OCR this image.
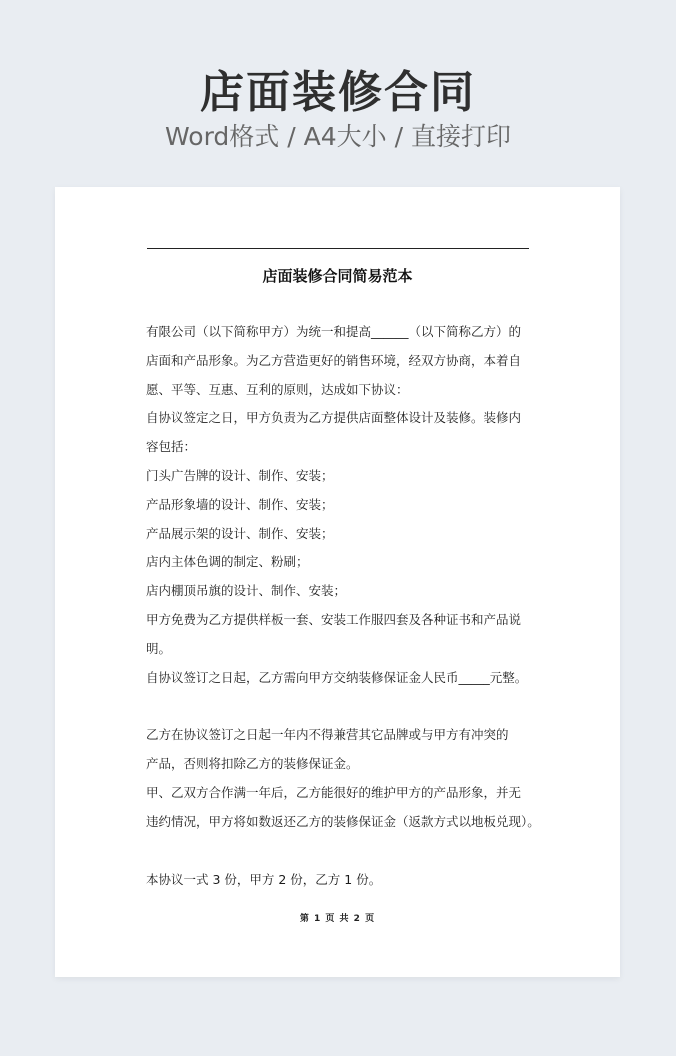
店面装修合同
Word格式 / A4大小 / 直接打印
店面装修合同简易范本
有限公司（以下简称甲方）为统一和提高______（以下简称乙方）的
店面和产品形象。为乙方营造更好的销售环境，经双方协商，本着自
愿、平等、互惠、互利的原则，达成如下协议：
自协议签定之日，甲方负责为乙方提供店面整体设计及装修。装修内
容包括：
门头广告牌的设计、制作、安装；
产品形象墙的设计、制作、安装；
产品展示架的设计、制作、安装；
店内主体色调的制定、粉刷；
店内棚顶吊旗的设计、制作、安装；
甲方免费为乙方提供样板一套、安装工作服四套及各种证书和产品说
明。
自协议签订之日起，乙方需向甲方交纳装修保证金人民币_____元整。
乙方在协议签订之日起一年内不得兼营其它品牌或与甲方有冲突的
产品，否则将扣除乙方的装修保证金。
甲、乙双方合作满一年后，乙方能很好的维护甲方的产品形象，并无
违约情况，甲方将如数返还乙方的装修保证金（返款方式以地板兑现）。
本协议一式 3 份，甲方 2 份，乙方 1 份。
第 1 页 共 2 页
